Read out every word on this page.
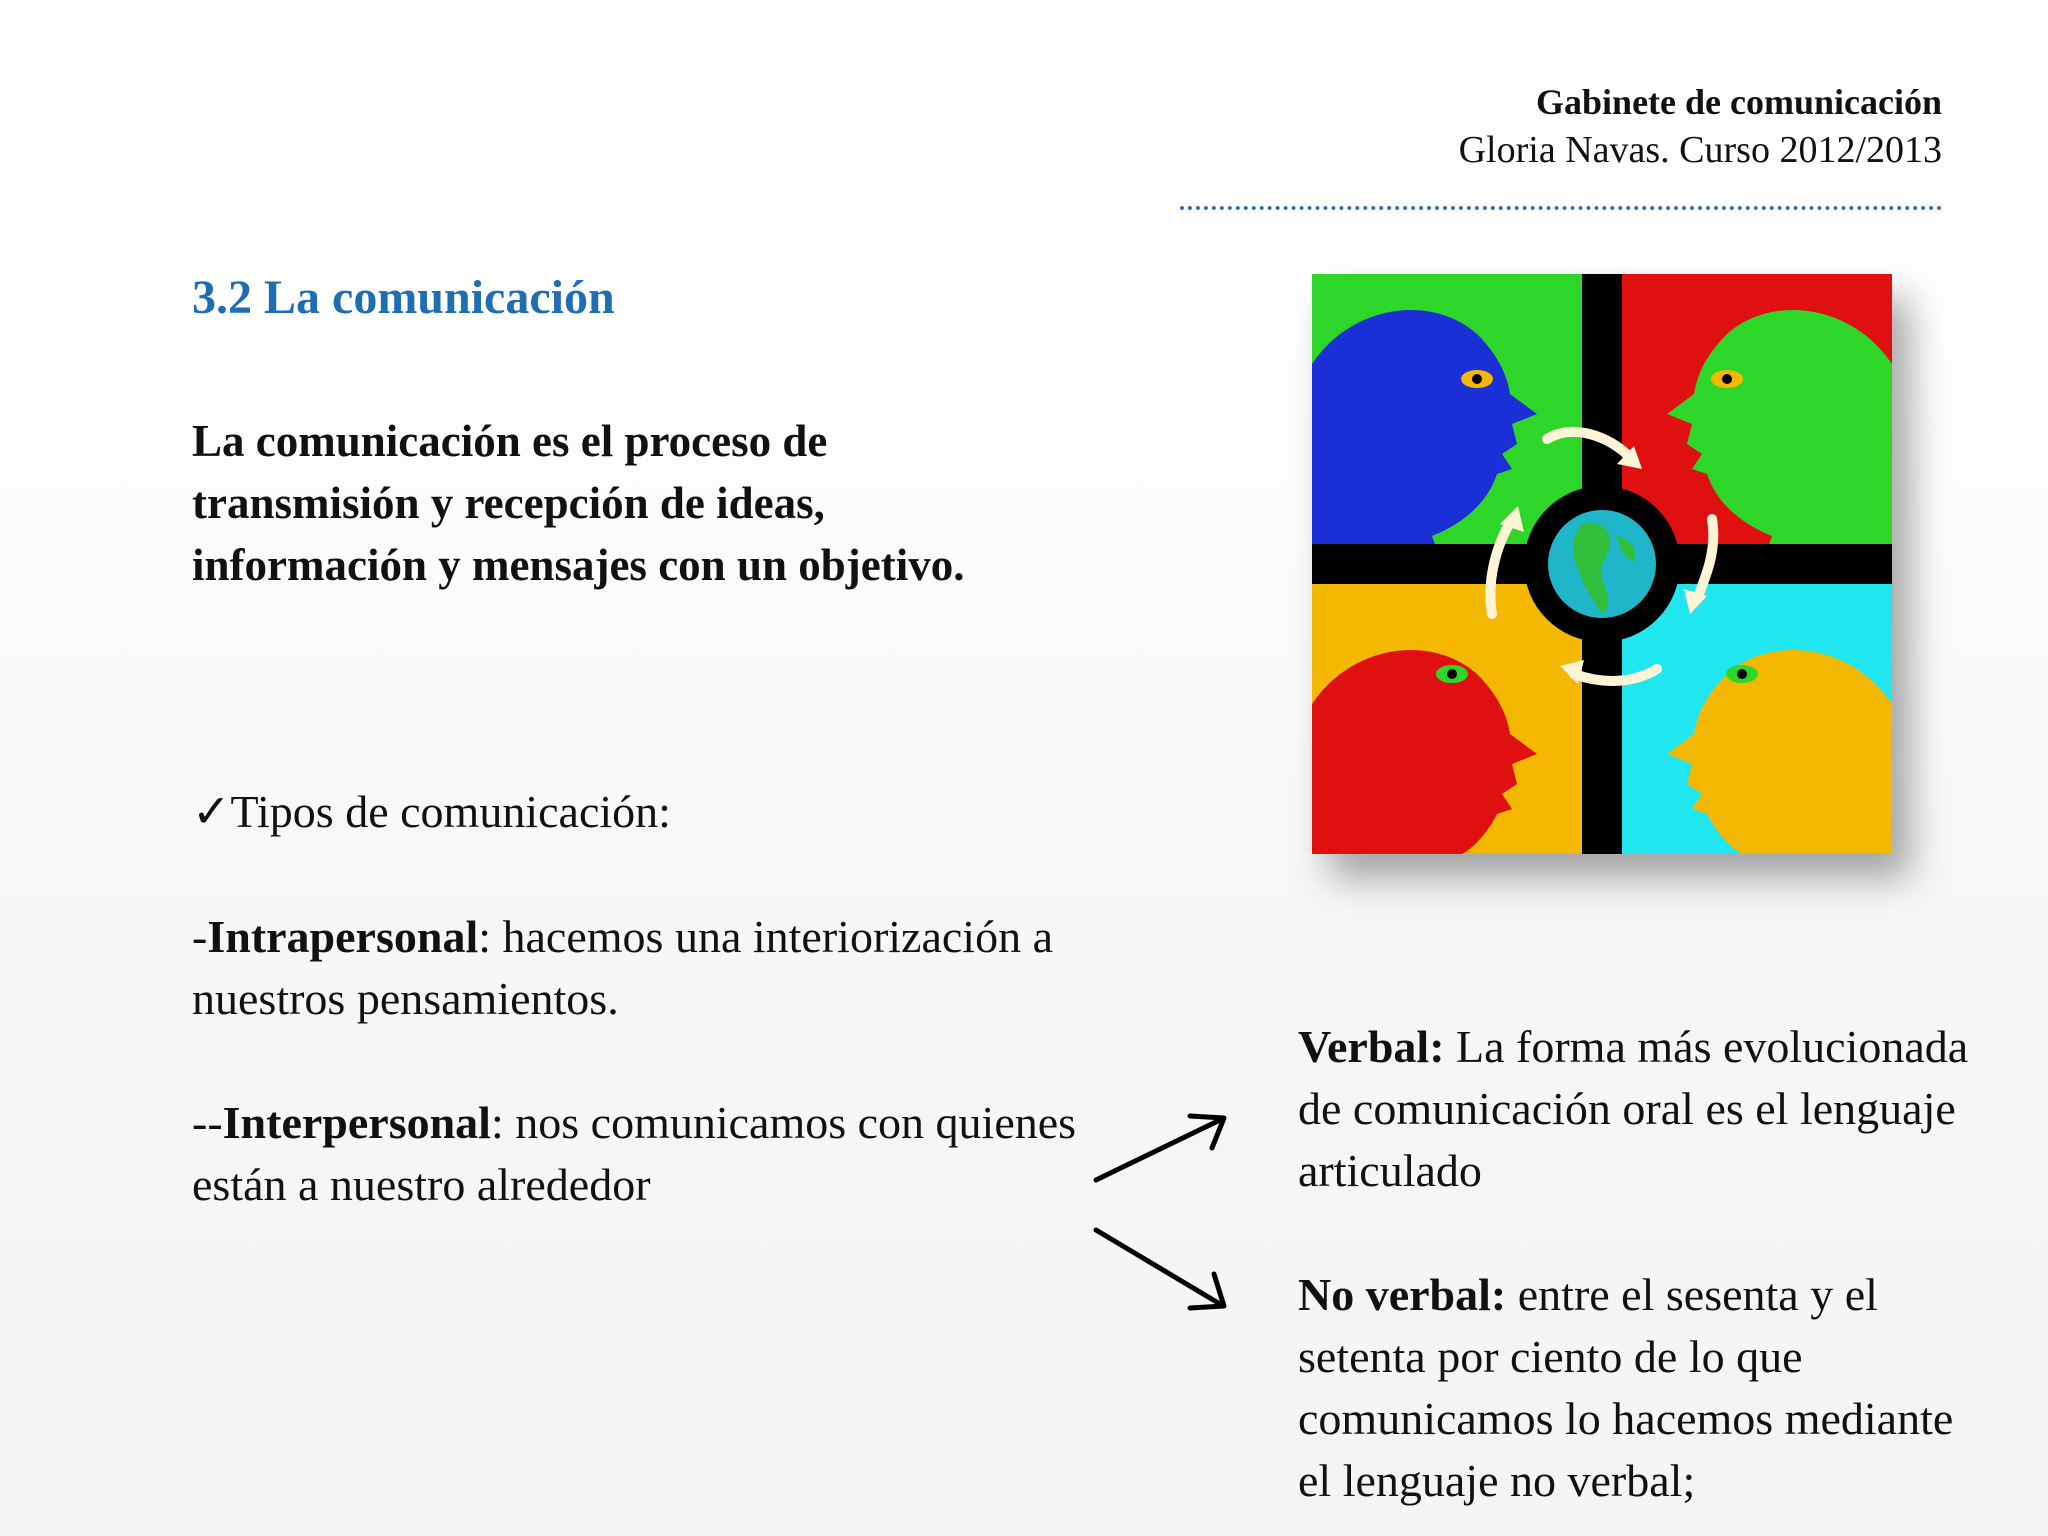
Gabinete de comunicación
Gloria Navas. Curso 2012/2013
3.2 La comunicación
La comunicación es el proceso de transmisión y recepción de ideas, información y mensajes con un objetivo.
✓Tipos de comunicación:
-Intrapersonal: hacemos una interiorización a nuestros pensamientos.
--Interpersonal: nos comunicamos con quienes están a nuestro alrededor
Verbal: La forma más evolucionada de comunicación oral es el lenguaje articulado
No verbal: entre el sesenta y el setenta por ciento de lo que comunicamos lo hacemos mediante el lenguaje no verbal;
